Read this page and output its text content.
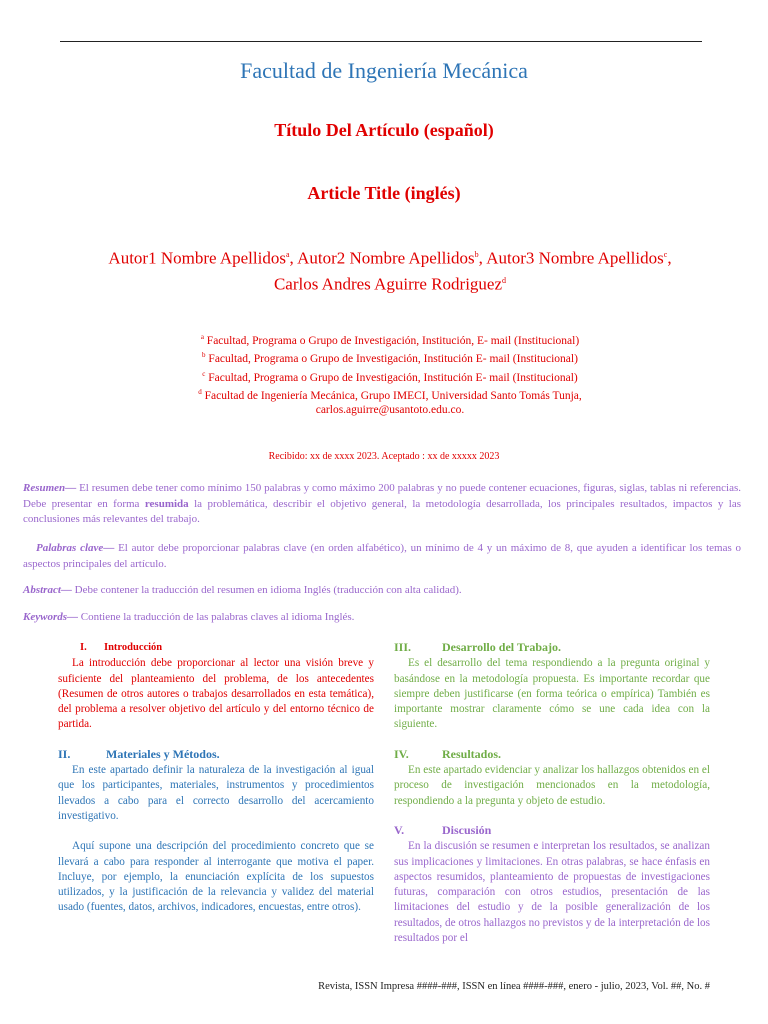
Facultad de Ingeniería Mecánica
Título Del Artículo (español)
Article Title (inglés)
Autor1 Nombre Apellidos$^a$, Autor2 Nombre Apellidos$^b$, Autor3 Nombre Apellidos$^c$, Carlos Andres Aguirre Rodriguez$^d$
$^a$ Facultad, Programa o Grupo de Investigación, Institución, E- mail (Institucional)
$^b$ Facultad, Programa o Grupo de Investigación, Institución E- mail (Institucional)
$^c$ Facultad, Programa o Grupo de Investigación, Institución E- mail (Institucional)
$^d$ Facultad de Ingeniería Mecánica, Grupo IMECI, Universidad Santo Tomás Tunja,
carlos.aguirre@usantoto.edu.co.
Recibido: xx de xxxx 2023. Aceptado : xx de xxxxx 2023
Resumen— El resumen debe tener como mínimo 150 palabras y como máximo 200 palabras y no puede contener ecuaciones, figuras, siglas, tablas ni referencias. Debe presentar en forma resumida la problemática, describir el objetivo general, la metodología desarrollada, los principales resultados, impactos y las conclusiones más relevantes del trabajo.
Palabras clave— El autor debe proporcionar palabras clave (en orden alfabético), un mínimo de 4 y un máximo de 8, que ayuden a identificar los temas o aspectos principales del artículo.
Abstract— Debe contener la traducción del resumen en idioma Inglés (traducción con alta calidad).
Keywords— Contiene la traducción de las palabras claves al idioma Inglés.
I.	Introducción
La introducción debe proporcionar al lector una visión breve y suficiente del planteamiento del problema, de los antecedentes (Resumen de otros autores o trabajos desarrollados en esta temática), del problema a resolver objetivo del artículo y del entorno técnico de partida.
II.	Materiales y Métodos.
En este apartado definir la naturaleza de la investigación al igual que los participantes, materiales, instrumentos y procedimientos llevados a cabo para el correcto desarrollo del acercamiento investigativo.
Aquí supone una descripción del procedimiento concreto que se llevará a cabo para responder al interrogante que motiva el paper. Incluye, por ejemplo, la enunciación explícita de los supuestos utilizados, y la justificación de la relevancia y validez del material usado (fuentes, datos, archivos, indicadores, encuestas, entre otros).
III.	Desarrollo del Trabajo.
Es el desarrollo del tema respondiendo a la pregunta original y basándose en la metodología propuesta. Es importante recordar que siempre deben justificarse (en forma teórica o empírica) También es importante mostrar claramente cómo se une cada idea con la siguiente.
IV.	Resultados.
En este apartado evidenciar y analizar los hallazgos obtenidos en el proceso de investigación mencionados en la metodología, respondiendo a la pregunta y objeto de estudio.
V.	Discusión
En la discusión se resumen e interpretan los resultados, se analizan sus implicaciones y limitaciones. En otras palabras, se hace énfasis en aspectos resumidos, planteamiento de propuestas de investigaciones futuras, comparación con otros estudios, presentación de las limitaciones del estudio y de la posible generalización de los resultados, de otros hallazgos no previstos y de la interpretación de los resultados por el
Revista, ISSN Impresa ####-###, ISSN en línea ####-###, enero - julio, 2023, Vol. ##, No. #
